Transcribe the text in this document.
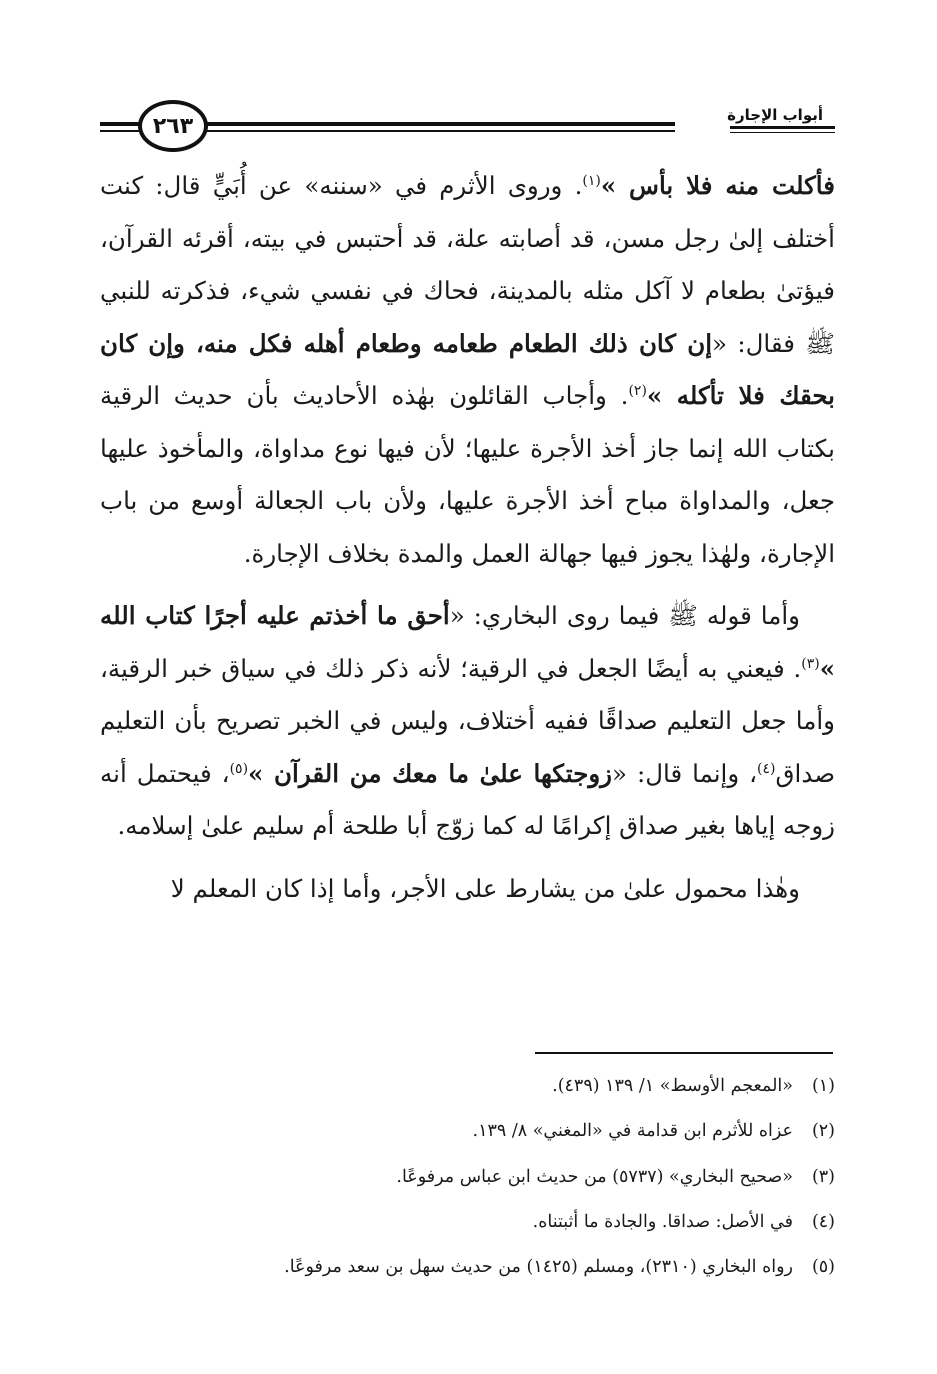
أبواب الإجارة
٢٦٣

فأكلت منه فلا بأس »$^{(١)}$. وروى الأثرم في «سننه» عن أُبَيٍّ قال: كنت أختلف إلىٰ رجل مسن، قد أصابته علة، قد أحتبس في بيته، أقرئه القرآن، فيؤتىٰ بطعام لا آكل مثله بالمدينة، فحاك في نفسي شيء، فذكرته للنبي ﷺ فقال: «إن كان ذلك الطعام طعامه وطعام أهله فكل منه، وإن كان بحقك فلا تأكله »$^{(٢)}$. وأجاب القائلون بهٰذه الأحاديث بأن حديث الرقية بكتاب الله إنما جاز أخذ الأجرة عليها؛ لأن فيها نوع مداواة، والمأخوذ عليها جعل، والمداواة مباح أخذ الأجرة عليها، ولأن باب الجعالة أوسع من باب الإجارة، ولهٰذا يجوز فيها جهالة العمل والمدة بخلاف الإجارة.

وأما قوله ﷺ فيما روى البخاري: «أحق ما أخذتم عليه أجرًا كتاب الله »$^{(٣)}$. فيعني به أيضًا الجعل في الرقية؛ لأنه ذكر ذلك في سياق خبر الرقية، وأما جعل التعليم صداقًا ففيه أختلاف، وليس في الخبر تصريح بأن التعليم صداق$^{(٤)}$، وإنما قال: «زوجتكها علىٰ ما معك من القرآن »$^{(٥)}$، فيحتمل أنه زوجه إياها بغير صداق إكرامًا له كما زوّج أبا طلحة أم سليم علىٰ إسلامه.

وهٰذا محمول علىٰ من يشارط على الأجر، وأما إذا كان المعلم لا

(١)«المعجم الأوسط» ١/ ١٣٩ (٤٣٩).

(٢)عزاه للأثرم ابن قدامة في «المغني» ٨/ ١٣٩.

(٣)«صحيح البخاري» (٥٧٣٧) من حديث ابن عباس مرفوعًا.

(٤)في الأصل: صداقا. والجادة ما أثبتناه.

(٥)رواه البخاري (٢٣١٠)، ومسلم (١٤٢٥) من حديث سهل بن سعد مرفوعًا.
